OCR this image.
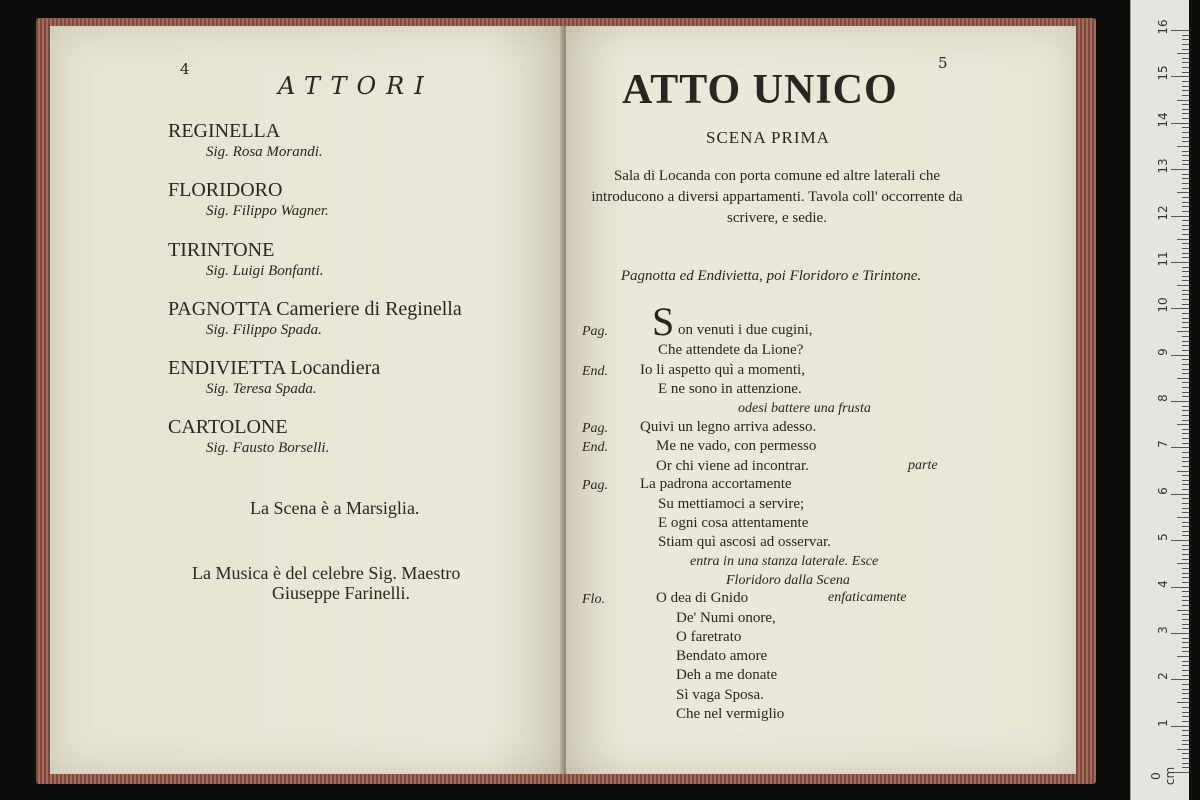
4
ATTORI
REGINELLA
Sig. Rosa Morandi.
FLORIDORO
Sig. Filippo Wagner.
TIRINTONE
Sig. Luigi Bonfanti.
PAGNOTTA Cameriere di Reginella
Sig. Filippo Spada.
ENDIVIETTA Locandiera
Sig. Teresa Spada.
CARTOLONE
Sig. Fausto Borselli.
La Scena è a Marsiglia.
La Musica è del celebre Sig. Maestro
Giuseppe Farinelli.
5
ATTO UNICO
SCENA PRIMA
Sala di Locanda con porta comune ed altre laterali che introducono a diversi appartamenti. Tavola coll' occorrente da scrivere, e sedie.
Pagnotta ed Endivietta, poi Floridoro e Tirintone.
S
Pag.	on venuti i due cugini,
Che attendete da Lione?
End. Io li aspetto quì a momenti,
E ne sono in attenzione.
odesi battere una frusta
Pag. Quivi un legno arriva adesso.
End.	Me ne vado, con permesso
Or chi viene ad incontrar.	parte
Pag. La padrona accortamente
Su mettiamoci a servire;
E ogni cosa attentamente
Stiam quì ascosi ad osservar.
entra in una stanza laterale. Esce
Floridoro dalla Scena
Flo.	O dea di Gnido	enfaticamente
De' Numi onore,
O faretrato
Bendato amore
Deh a me donate
Sì vaga Sposa.
Che nel vermiglio
0 cm
1
2
3
4
5
6
7
8
9
10
11
12
13
14
15
16
